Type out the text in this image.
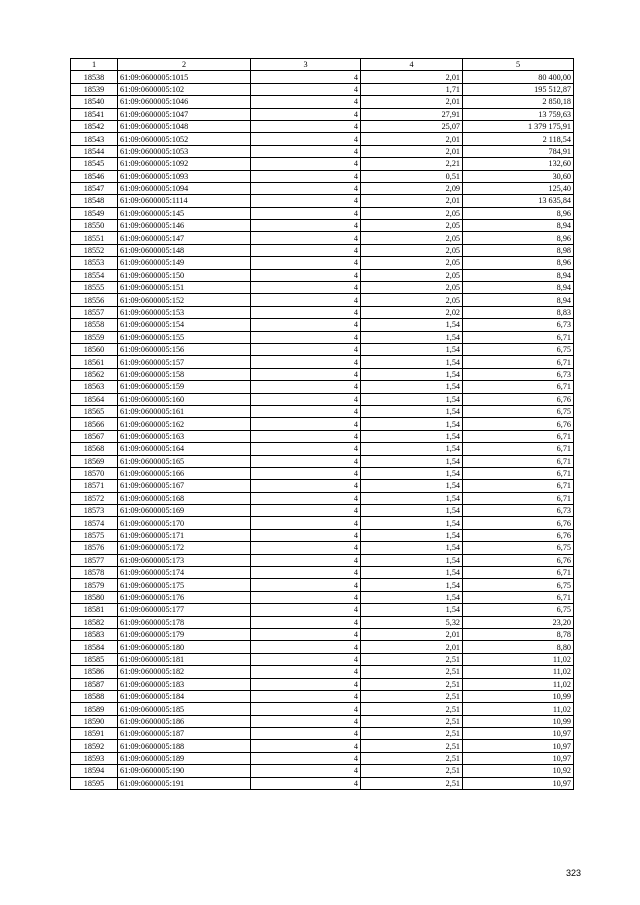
1	2	3	4	5
18538	61:09:0600005:1015	4	2,01	80 400,00
18539	61:09:0600005:102	4	1,71	195 512,87
18540	61:09:0600005:1046	4	2,01	2 850,18
18541	61:09:0600005:1047	4	27,91	13 759,63
18542	61:09:0600005:1048	4	25,07	1 379 175,91
18543	61:09:0600005:1052	4	2,01	2 118,54
18544	61:09:0600005:1053	4	2,01	784,91
18545	61:09:0600005:1092	4	2,21	132,60
18546	61:09:0600005:1093	4	0,51	30,60
18547	61:09:0600005:1094	4	2,09	125,40
18548	61:09:0600005:1114	4	2,01	13 635,84
18549	61:09:0600005:145	4	2,05	8,96
18550	61:09:0600005:146	4	2,05	8,94
18551	61:09:0600005:147	4	2,05	8,96
18552	61:09:0600005:148	4	2,05	8,98
18553	61:09:0600005:149	4	2,05	8,96
18554	61:09:0600005:150	4	2,05	8,94
18555	61:09:0600005:151	4	2,05	8,94
18556	61:09:0600005:152	4	2,05	8,94
18557	61:09:0600005:153	4	2,02	8,83
18558	61:09:0600005:154	4	1,54	6,73
18559	61:09:0600005:155	4	1,54	6,71
18560	61:09:0600005:156	4	1,54	6,75
18561	61:09:0600005:157	4	1,54	6,71
18562	61:09:0600005:158	4	1,54	6,73
18563	61:09:0600005:159	4	1,54	6,71
18564	61:09:0600005:160	4	1,54	6,76
18565	61:09:0600005:161	4	1,54	6,75
18566	61:09:0600005:162	4	1,54	6,76
18567	61:09:0600005:163	4	1,54	6,71
18568	61:09:0600005:164	4	1,54	6,71
18569	61:09:0600005:165	4	1,54	6,71
18570	61:09:0600005:166	4	1,54	6,71
18571	61:09:0600005:167	4	1,54	6,71
18572	61:09:0600005:168	4	1,54	6,71
18573	61:09:0600005:169	4	1,54	6,73
18574	61:09:0600005:170	4	1,54	6,76
18575	61:09:0600005:171	4	1,54	6,76
18576	61:09:0600005:172	4	1,54	6,75
18577	61:09:0600005:173	4	1,54	6,76
18578	61:09:0600005:174	4	1,54	6,71
18579	61:09:0600005:175	4	1,54	6,75
18580	61:09:0600005:176	4	1,54	6,71
18581	61:09:0600005:177	4	1,54	6,75
18582	61:09:0600005:178	4	5,32	23,20
18583	61:09:0600005:179	4	2,01	8,78
18584	61:09:0600005:180	4	2,01	8,80
18585	61:09:0600005:181	4	2,51	11,02
18586	61:09:0600005:182	4	2,51	11,02
18587	61:09:0600005:183	4	2,51	11,02
18588	61:09:0600005:184	4	2,51	10,99
18589	61:09:0600005:185	4	2,51	11,02
18590	61:09:0600005:186	4	2,51	10,99
18591	61:09:0600005:187	4	2,51	10,97
18592	61:09:0600005:188	4	2,51	10,97
18593	61:09:0600005:189	4	2,51	10,97
18594	61:09:0600005:190	4	2,51	10,92
18595	61:09:0600005:191	4	2,51	10,97
323
